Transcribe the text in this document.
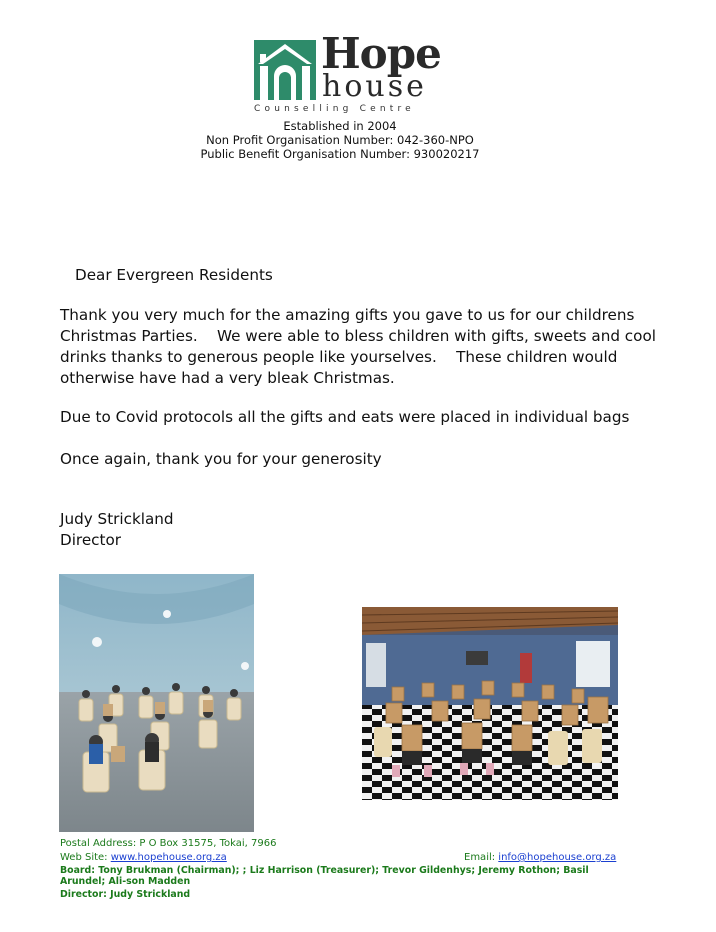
Hope
house
Counselling Centre
Established in 2004
Non Profit Organisation Number: 042-360-NPO
Public Benefit Organisation Number: 930020217
Dear Evergreen Residents
Thank you very much for the amazing gifts you gave to us for our childrens Christmas Parties.    We were able to bless children with gifts, sweets and cool drinks thanks to generous people like yourselves.    These children would otherwise have had a very bleak Christmas.
Due to Covid protocols all the gifts and eats were placed in individual bags
Once again, thank you for your generosity
Judy Strickland
Director
Postal Address: P O Box 31575, Tokai, 7966
Web Site: www.hopehouse.org.za	Email: info@hopehouse.org.za
Board: Tony Brukman (Chairman); ; Liz Harrison (Treasurer); Trevor Gildenhys; Jeremy Rothon; Basil Arundel; Ali-son Madden
Director: Judy Strickland
